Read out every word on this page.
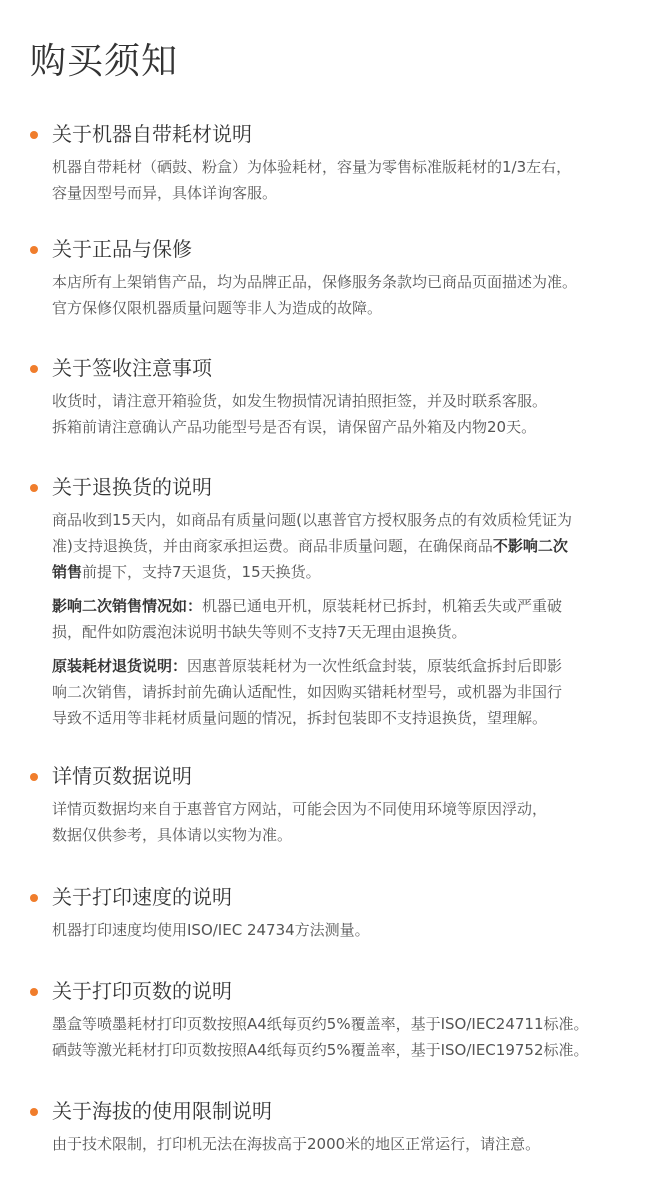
购买须知
关于机器自带耗材说明
机器自带耗材（硒鼓、粉盒）为体验耗材，容量为零售标准版耗材的1/3左右，
容量因型号而异，具体详询客服。
关于正品与保修
本店所有上架销售产品，均为品牌正品，保修服务条款均已商品页面描述为准。
官方保修仅限机器质量问题等非人为造成的故障。
关于签收注意事项
收货时，请注意开箱验货，如发生物损情况请拍照拒签，并及时联系客服。
拆箱前请注意确认产品功能型号是否有误，请保留产品外箱及内物20天。
关于退换货的说明
商品收到15天内，如商品有质量问题(以惠普官方授权服务点的有效质检凭证为
准)支持退换货，并由商家承担运费。商品非质量问题，在确保商品不影响二次
销售前提下，支持7天退货，15天换货。
影响二次销售情况如：机器已通电开机，原装耗材已拆封，机箱丢失或严重破
损，配件如防震泡沫说明书缺失等则不支持7天无理由退换货。
原装耗材退货说明：因惠普原装耗材为一次性纸盒封装，原装纸盒拆封后即影
响二次销售，请拆封前先确认适配性，如因购买错耗材型号，或机器为非国行
导致不适用等非耗材质量问题的情况，拆封包装即不支持退换货，望理解。
详情页数据说明
详情页数据均来自于惠普官方网站，可能会因为不同使用环境等原因浮动，
数据仅供参考，具体请以实物为准。
关于打印速度的说明
机器打印速度均使用ISO/IEC 24734方法测量。
关于打印页数的说明
墨盒等喷墨耗材打印页数按照A4纸每页约5%覆盖率，基于ISO/IEC24711标准。
硒鼓等激光耗材打印页数按照A4纸每页约5%覆盖率，基于ISO/IEC19752标准。
关于海拔的使用限制说明
由于技术限制，打印机无法在海拔高于2000米的地区正常运行，请注意。
